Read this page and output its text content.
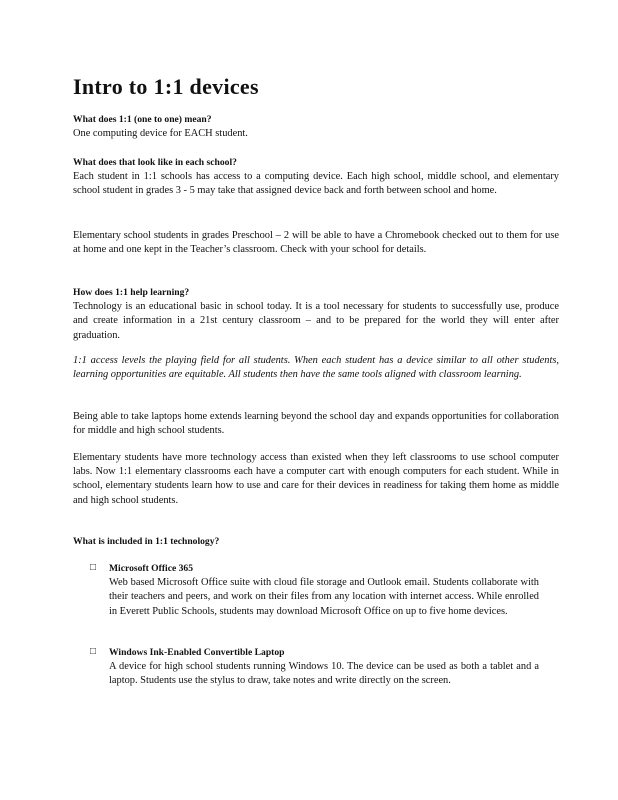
Intro to 1:1 devices
What does 1:1 (one to one) mean?

One computing device for EACH student.

What does that look like in each school?

Each student in 1:1 schools has access to a computing device. Each high school, middle school, and elementary school student in grades 3 - 5 may take that assigned device back and forth between school and home.

Elementary school students in grades Preschool – 2 will be able to have a Chromebook checked out to them for use at home and one kept in the Teacher’s classroom. Check with your school for details.

How does 1:1 help learning?

Technology is an educational basic in school today. It is a tool necessary for students to successfully use, produce and create information in a 21st century classroom – and to be prepared for the world they will enter after graduation.

1:1 access levels the playing field for all students. When each student has a device similar to all other students, learning opportunities are equitable. All students then have the same tools aligned with classroom learning.

Being able to take laptops home extends learning beyond the school day and expands opportunities for collaboration for middle and high school students.

Elementary students have more technology access than existed when they left classrooms to use school computer labs. Now 1:1 elementary classrooms each have a computer cart with enough computers for each student. While in school, elementary students learn how to use and care for their devices in readiness for taking them home as middle and high school students.

What is included in 1:1 technology?
□ Microsoft Office 365

Web based Microsoft Office suite with cloud file storage and Outlook email. Students collaborate with their teachers and peers, and work on their files from any location with internet access. While enrolled in Everett Public Schools, students may download Microsoft Office on up to five home devices.

□ Windows Ink-Enabled Convertible Laptop

A device for high school students running Windows 10. The device can be used as both a tablet and a laptop. Students use the stylus to draw, take notes and write directly on the screen.
